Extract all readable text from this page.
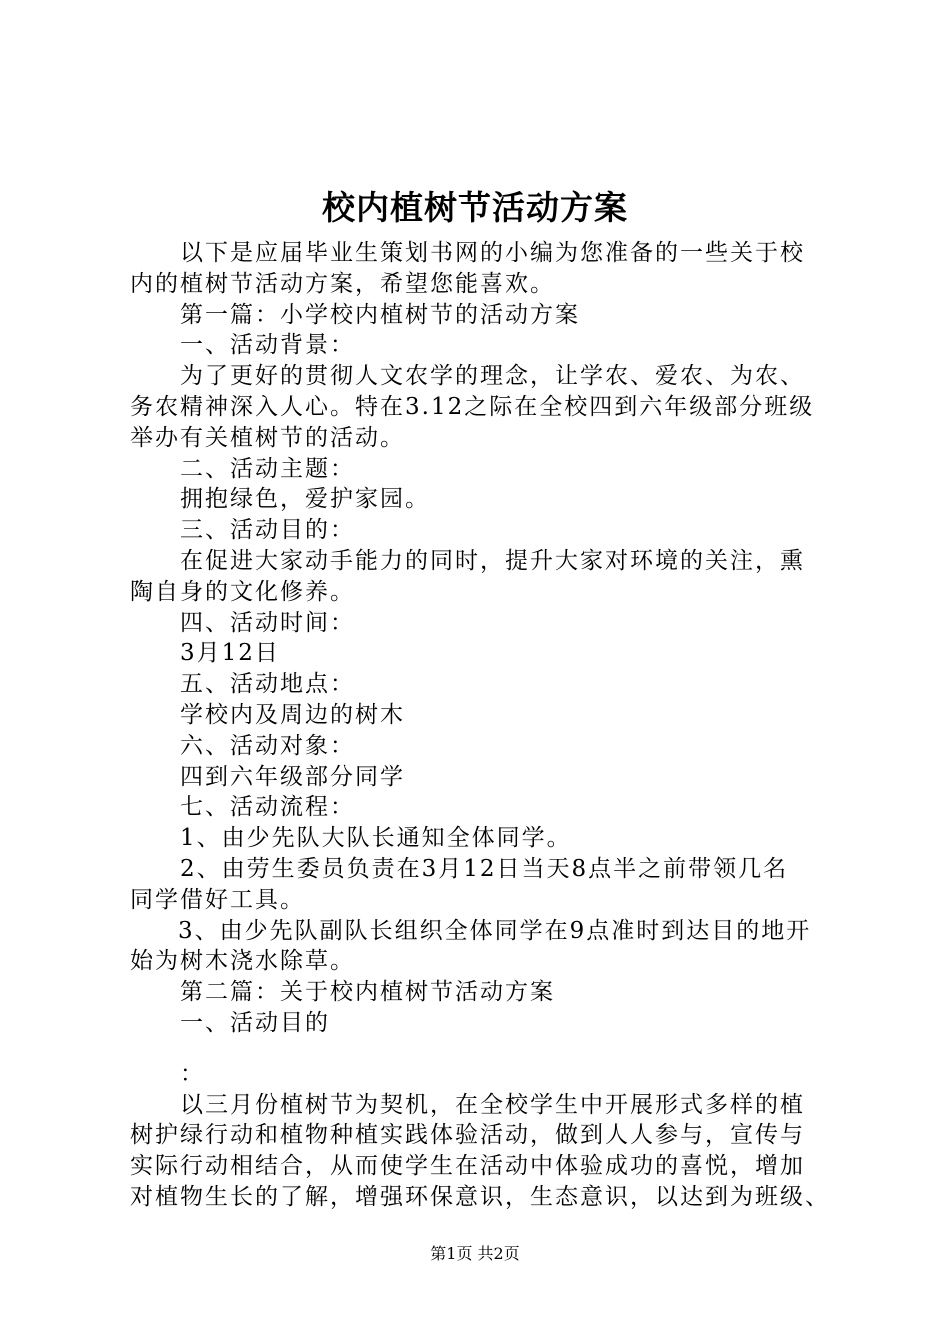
校内植树节活动方案
以下是应届毕业生策划书网的小编为您准备的一些关于校
内的植树节活动方案，希望您能喜欢。
第一篇：小学校内植树节的活动方案
一、活动背景：
为了更好的贯彻人文农学的理念，让学农、爱农、为农、
务农精神深入人心。特在3.12之际在全校四到六年级部分班级
举办有关植树节的活动。
二、活动主题：
拥抱绿色，爱护家园。
三、活动目的：
在促进大家动手能力的同时，提升大家对环境的关注，熏
陶自身的文化修养。
四、活动时间：
3月12日
五、活动地点：
学校内及周边的树木
六、活动对象：
四到六年级部分同学
七、活动流程：
1、由少先队大队长通知全体同学。
2、由劳生委员负责在3月12日当天8点半之前带领几名
同学借好工具。
3、由少先队副队长组织全体同学在9点准时到达目的地开
始为树木浇水除草。
第二篇：关于校内植树节活动方案
一、活动目的
：
以三月份植树节为契机，在全校学生中开展形式多样的植
树护绿行动和植物种植实践体验活动，做到人人参与，宣传与
实际行动相结合，从而使学生在活动中体验成功的喜悦，增加
对植物生长的了解，增强环保意识，生态意识，以达到为班级、
第1页 共2页
